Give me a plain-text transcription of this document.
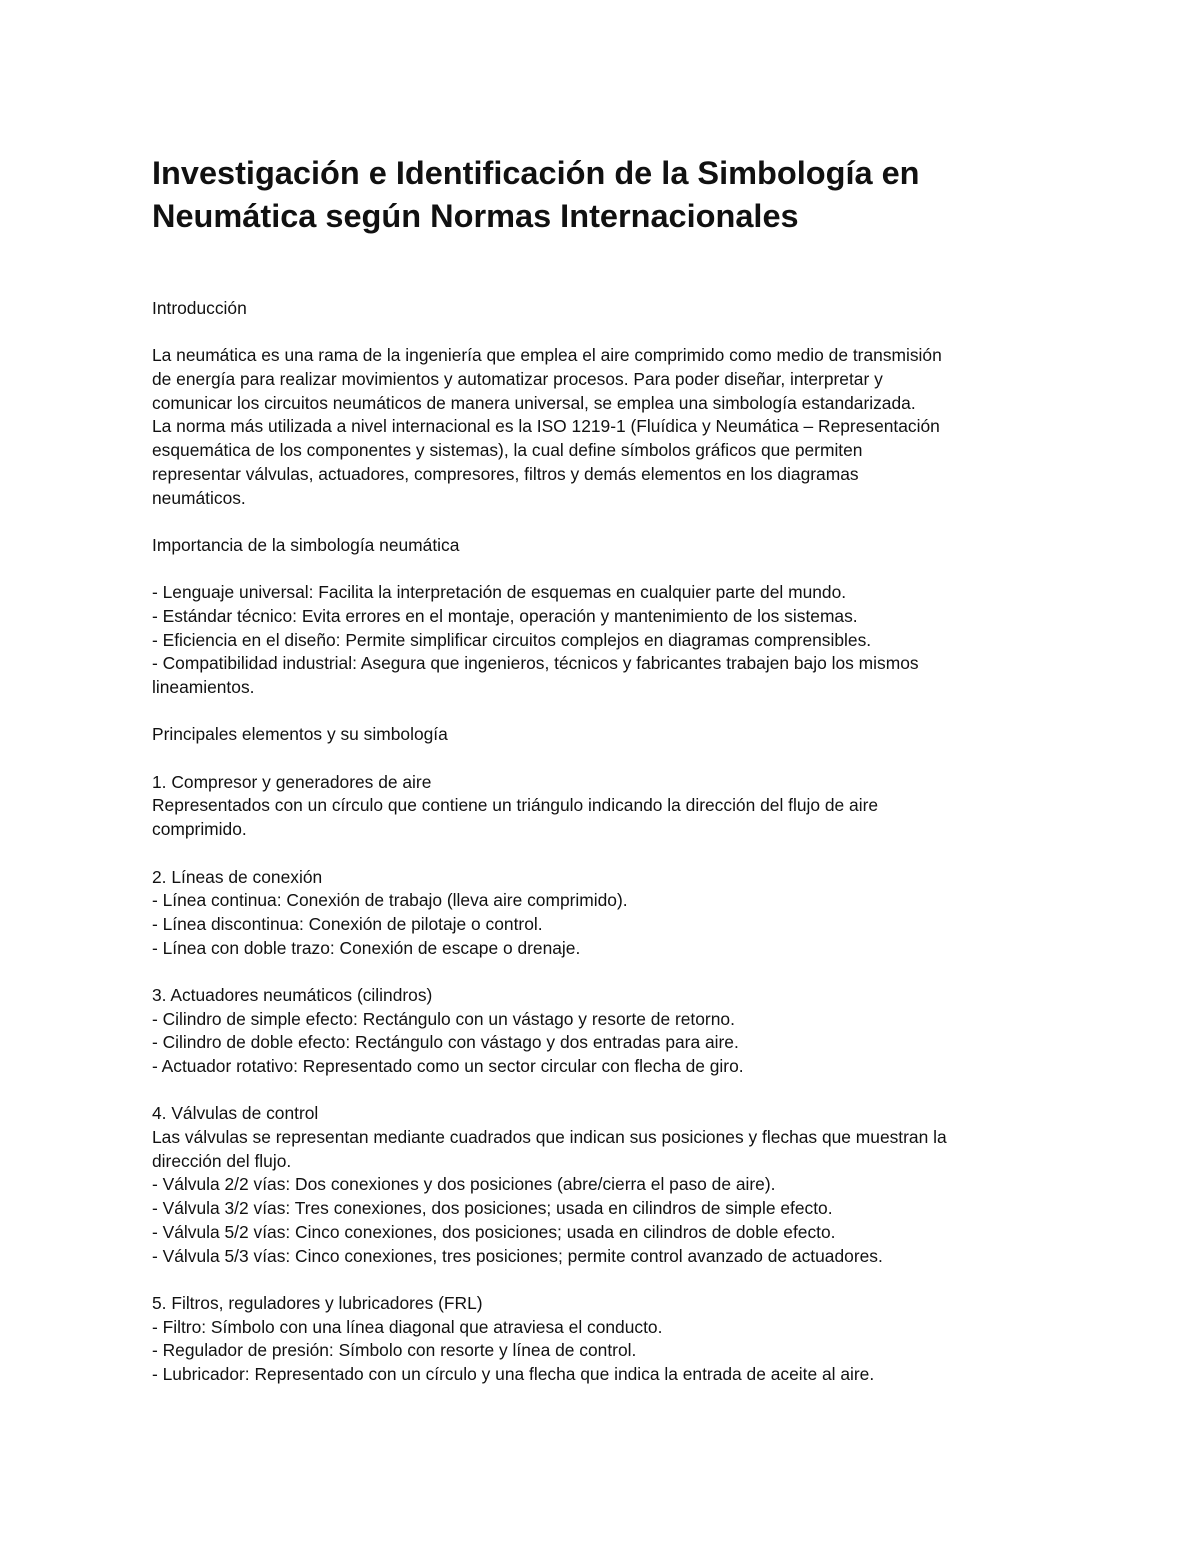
Investigación e Identificación de la Simbología en
Neumática según Normas Internacionales
Introducción
La neumática es una rama de la ingeniería que emplea el aire comprimido como medio de transmisión
de energía para realizar movimientos y automatizar procesos. Para poder diseñar, interpretar y
comunicar los circuitos neumáticos de manera universal, se emplea una simbología estandarizada.
La norma más utilizada a nivel internacional es la ISO 1219-1 (Fluídica y Neumática – Representación
esquemática de los componentes y sistemas), la cual define símbolos gráficos que permiten
representar válvulas, actuadores, compresores, filtros y demás elementos en los diagramas
neumáticos.
Importancia de la simbología neumática
- Lenguaje universal: Facilita la interpretación de esquemas en cualquier parte del mundo.
- Estándar técnico: Evita errores en el montaje, operación y mantenimiento de los sistemas.
- Eficiencia en el diseño: Permite simplificar circuitos complejos en diagramas comprensibles.
- Compatibilidad industrial: Asegura que ingenieros, técnicos y fabricantes trabajen bajo los mismos
lineamientos.
Principales elementos y su simbología
1. Compresor y generadores de aire
Representados con un círculo que contiene un triángulo indicando la dirección del flujo de aire
comprimido.
2. Líneas de conexión
- Línea continua: Conexión de trabajo (lleva aire comprimido).
- Línea discontinua: Conexión de pilotaje o control.
- Línea con doble trazo: Conexión de escape o drenaje.
3. Actuadores neumáticos (cilindros)
- Cilindro de simple efecto: Rectángulo con un vástago y resorte de retorno.
- Cilindro de doble efecto: Rectángulo con vástago y dos entradas para aire.
- Actuador rotativo: Representado como un sector circular con flecha de giro.
4. Válvulas de control
Las válvulas se representan mediante cuadrados que indican sus posiciones y flechas que muestran la
dirección del flujo.
- Válvula 2/2 vías: Dos conexiones y dos posiciones (abre/cierra el paso de aire).
- Válvula 3/2 vías: Tres conexiones, dos posiciones; usada en cilindros de simple efecto.
- Válvula 5/2 vías: Cinco conexiones, dos posiciones; usada en cilindros de doble efecto.
- Válvula 5/3 vías: Cinco conexiones, tres posiciones; permite control avanzado de actuadores.
5. Filtros, reguladores y lubricadores (FRL)
- Filtro: Símbolo con una línea diagonal que atraviesa el conducto.
- Regulador de presión: Símbolo con resorte y línea de control.
- Lubricador: Representado con un círculo y una flecha que indica la entrada de aceite al aire.
